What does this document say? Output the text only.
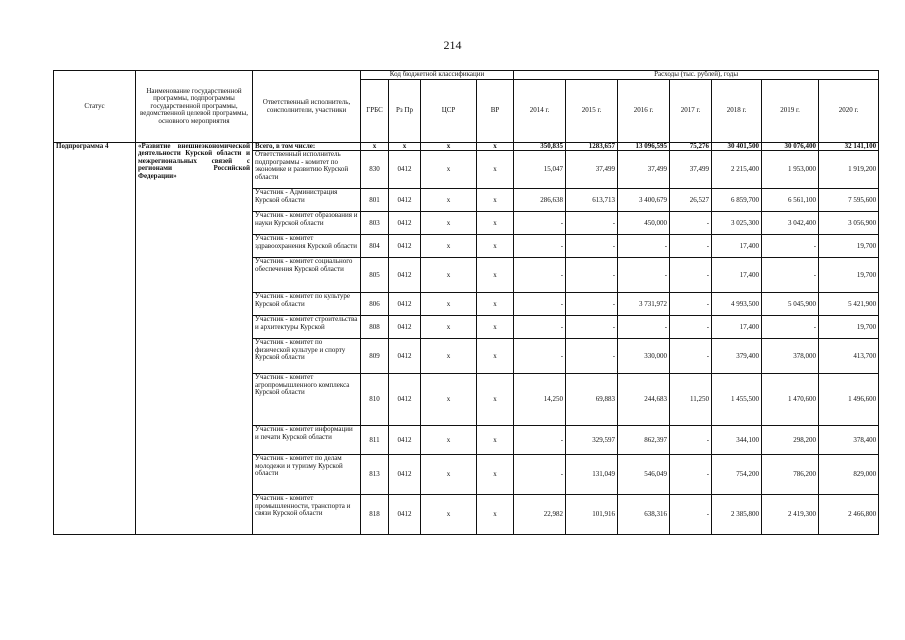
214
Статус	Наименование государственной программы, подпрограммы государственной программы, ведомственной целевой программы, основного мероприятия	Ответственный исполнитель, соисполнители, участники	Код бюджетной классификации				Расходы (тыс. рублей), годы						
			ГРБС	Рз Пр	ЦСР	ВР	2014 г.	2015 г.	2016 г.	2017 г.	2018 г.	2019 г.	2020 г.
Подпрограмма 4	«Развитие внешнеэкономической деятельности Курской области и межрегиональных связей с регионами Российской Федерации»	Всего, в том числе:	х	х	х	х	350,835	1283,657	13 096,595	75,276	30 401,500	30 076,400	32 141,100
		Ответственный исполнитель подпрограммы - комитет по экономике и развитию Курской области	830	0412	х	х	15,047	37,499	37,499	37,499	2 215,400	1 953,000	1 919,200
		Участник - Администрация Курской области	801	0412	х	х	286,638	613,713	3 400,679	26,527	6 859,700	6 561,100	7 595,600
		Участник - комитет образования и науки Курской области	803	0412	х	х	-	-	450,000	-	3 025,300	3 042,400	3 056,900
		Участник - комитет здравоохранения Курской области	804	0412	х	х	-	-	-	-	17,400	-	19,700
		Участник - комитет социального обеспечения Курской области	805	0412	х	х	-	-	-	-	17,400	-	19,700
		Участник - комитет по культуре Курской области	806	0412	х	х	-	-	3 731,972	-	4 993,500	5 045,900	5 421,900
		Участник - комитет строительства и архитектуры Курской	808	0412	х	х	-	-	-	-	17,400	-	19,700
		Участник - комитет по физической культуре и спорту Курской области	809	0412	х	х	-	-	330,000	-	379,400	378,000	413,700
		Участник - комитет агропромышленного комплекса Курской области	810	0412	х	х	14,250	69,883	244,683	11,250	1 455,500	1 470,600	1 496,600
		Участник - комитет информации и печати Курской области	811	0412	х	х	-	329,597	862,397	-	344,100	298,200	378,400
		Участник - комитет по делам молодежи и туризму Курской области	813	0412	х	х	-	131,049	546,049	-	754,200	786,200	829,000
		Участник - комитет промышленности, транспорта и связи Курской области	818	0412	х	х	22,982	101,916	638,316	-	2 385,800	2 419,300	2 466,800
